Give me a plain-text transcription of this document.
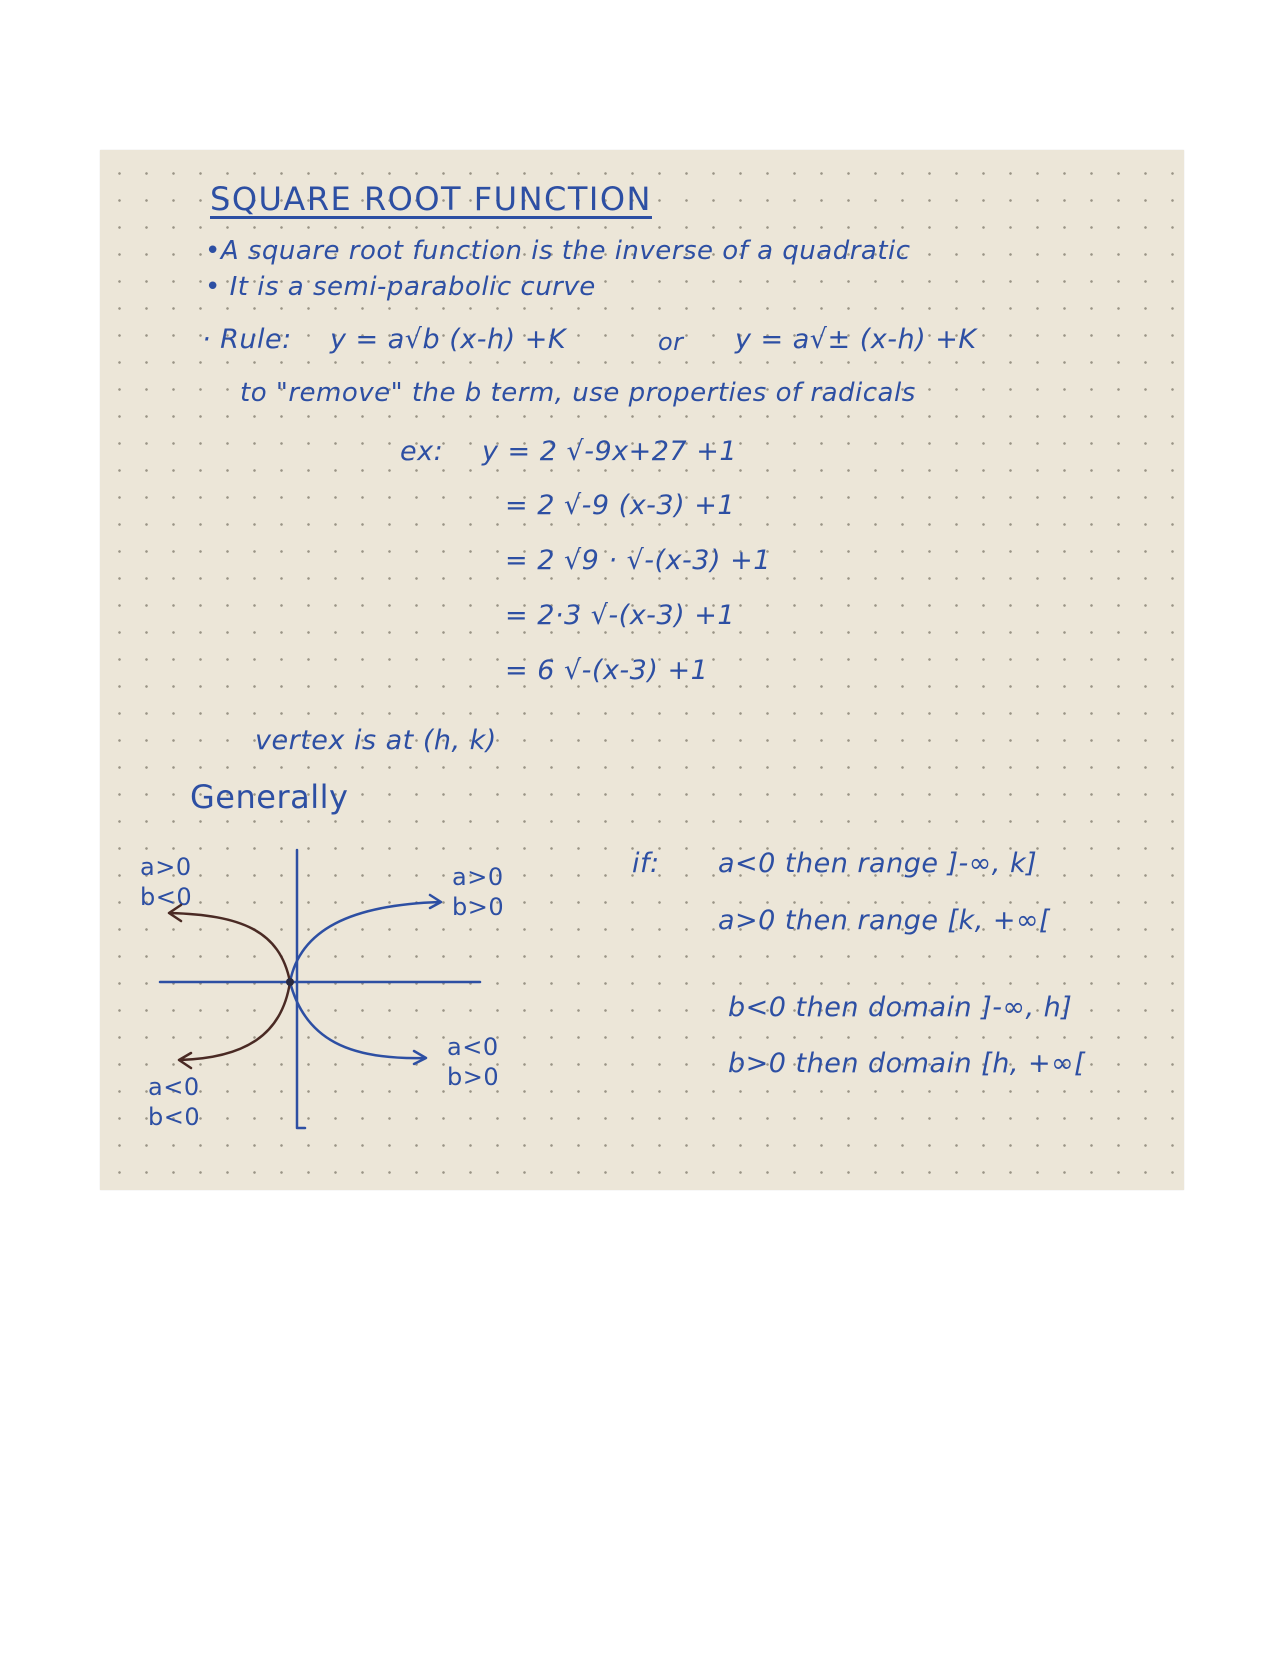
SQUARE ROOT FUNCTION
•A square root function is the inverse of a quadratic
• It is a semi-parabolic curve
· Rule: y = a√b (x-h) +K	or y = a√± (x-h) +K
to "remove" the b term, use properties of radicals
ex: y = 2 √-9x+27 +1
= 2 √-9 (x-3) +1
= 2 √9 · √-(x-3) +1
= 2·3 √-(x-3) +1
= 6 √-(x-3) +1
vertex is at (h, k)
Generally
a>0
b<0
a>0
b>0
a<0
b>0
a<0
b<0
if: a<0 then range ]-∞, k]
a>0 then range [k, +∞[
b<0 then domain ]-∞, h]
b>0 then domain [h, +∞[
